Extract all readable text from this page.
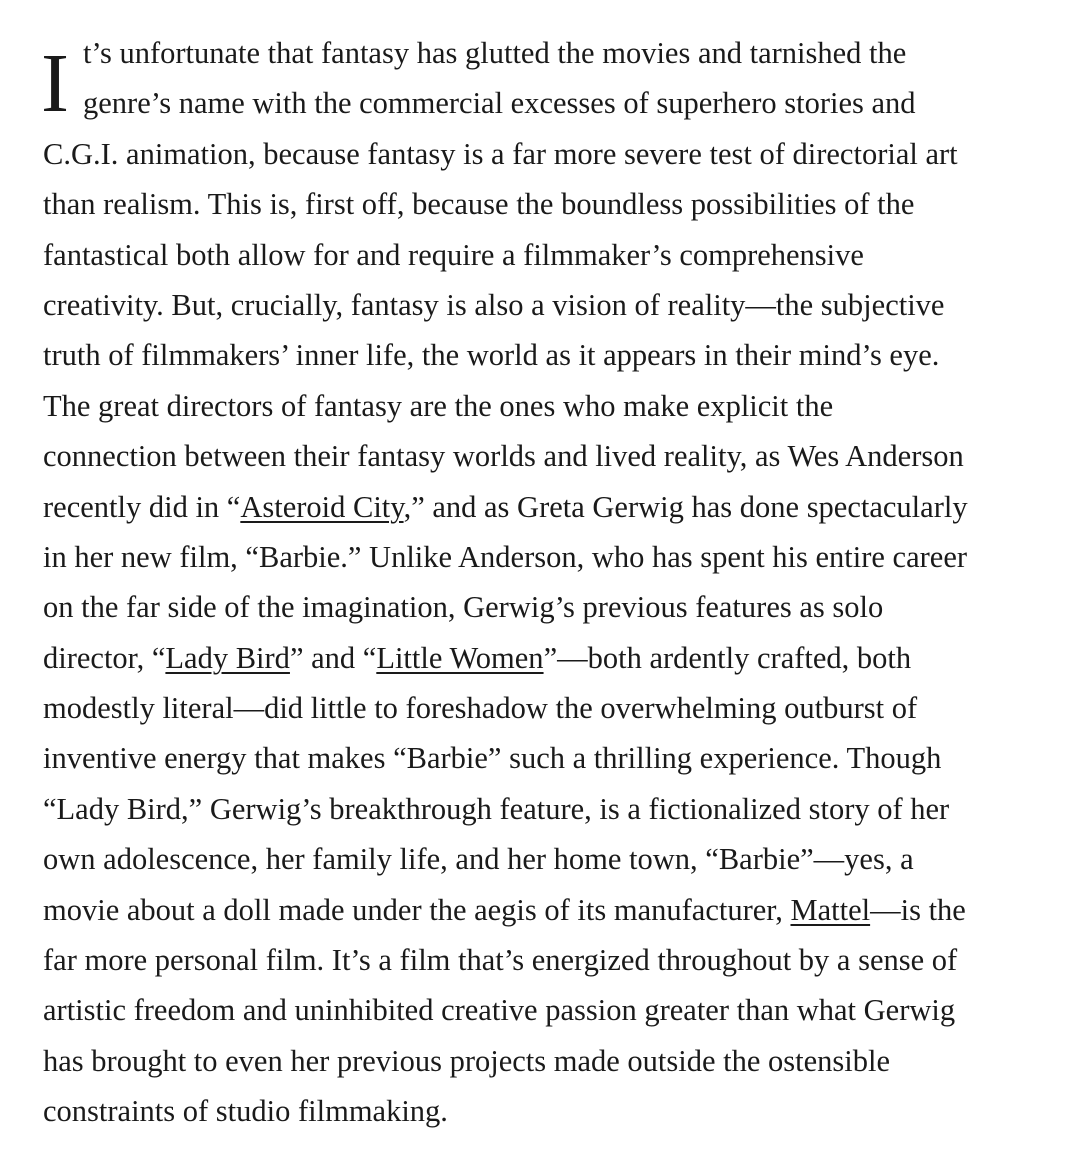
I t’s unfortunate that fantasy has glutted the movies and tarnished the
genre’s name with the commercial excesses of superhero stories and
C.G.I. animation, because fantasy is a far more severe test of directorial art
than realism. This is, first off, because the boundless possibilities of the
fantastical both allow for and require a filmmaker’s comprehensive
creativity. But, crucially, fantasy is also a vision of reality—the subjective
truth of filmmakers’ inner life, the world as it appears in their mind’s eye.
The great directors of fantasy are the ones who make explicit the
connection between their fantasy worlds and lived reality, as Wes Anderson
recently did in “Asteroid City,” and as Greta Gerwig has done spectacularly
in her new film, “Barbie.” Unlike Anderson, who has spent his entire career
on the far side of the imagination, Gerwig’s previous features as solo
director, “Lady Bird” and “Little Women”—both ardently crafted, both
modestly literal—did little to foreshadow the overwhelming outburst of
inventive energy that makes “Barbie” such a thrilling experience. Though
“Lady Bird,” Gerwig’s breakthrough feature, is a fictionalized story of her
own adolescence, her family life, and her home town, “Barbie”—yes, a
movie about a doll made under the aegis of its manufacturer, Mattel—is the
far more personal film. It’s a film that’s energized throughout by a sense of
artistic freedom and uninhibited creative passion greater than what Gerwig
has brought to even her previous projects made outside the ostensible
constraints of studio filmmaking.
